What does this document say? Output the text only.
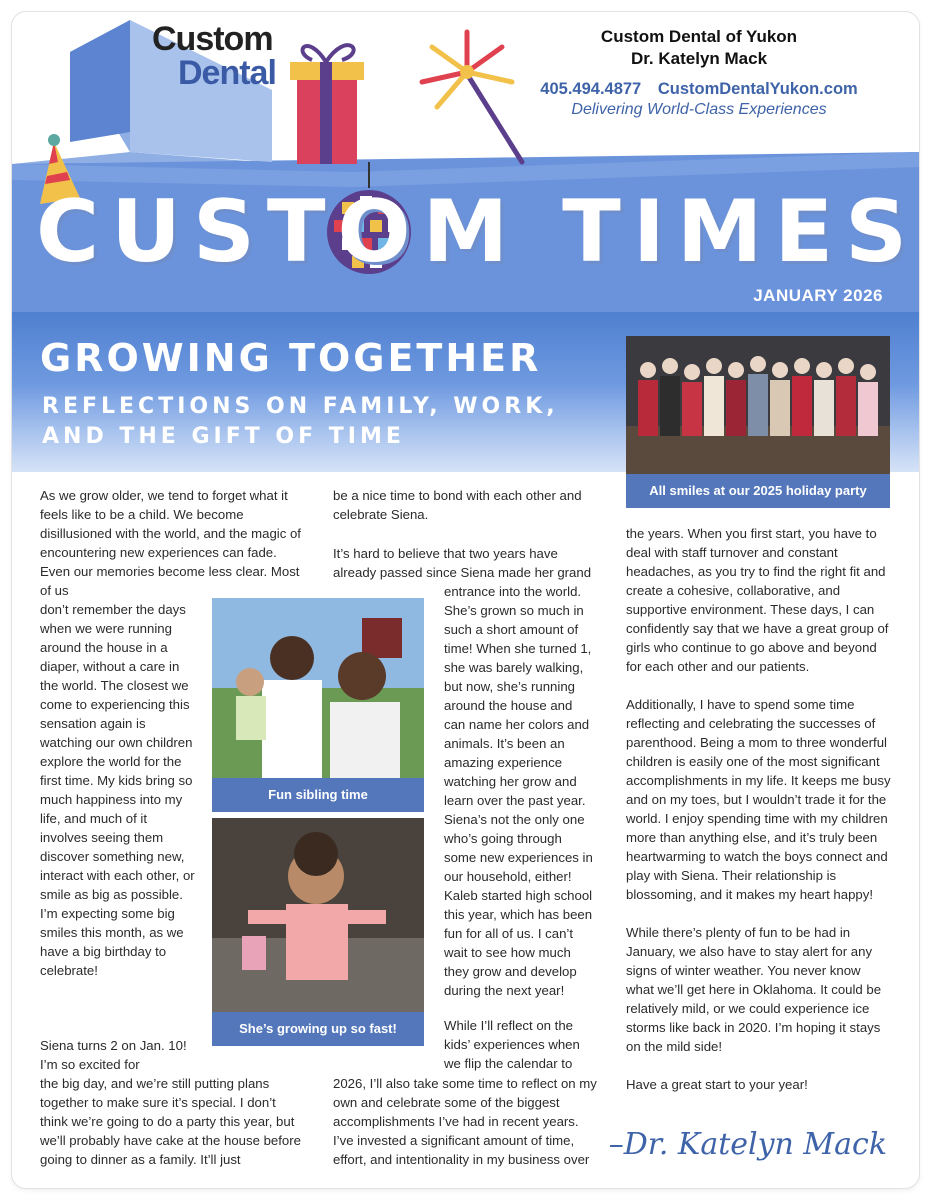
Custom
Dental
Custom Dental of Yukon
Dr. Katelyn Mack
405.494.4877 CustomDentalYukon.com
Delivering World-Class Experiences
CUSTOM TIMES
JANUARY 2026
GROWING TOGETHER
REFLECTIONS ON FAMILY, WORK, AND THE GIFT OF TIME
All smiles at our 2025 holiday party
Fun sibling time
She’s growing up so fast!
As we grow older, we tend to forget what it feels like to be a child. We become disillusioned with the world, and the magic of encountering new experiences can fade. Even our memories become less clear. Most of us
don’t remember the days when we were running around the house in a diaper, without a care in the world. The closest we come to experiencing this sensation again is watching our own children explore the world for the first time. My kids bring so much happiness into my life, and much of it involves seeing them discover something new, interact with each other, or smile as big as possible. I’m expecting some big smiles this month, as we have a big birthday to celebrate!
Siena turns 2 on Jan. 10! I’m so excited for
the big day, and we’re still putting plans together to make sure it’s special. I don’t think we’re going to do a party this year, but we’ll probably have cake at the house before going to dinner as a family. It’ll just
be a nice time to bond with each other and celebrate Siena.
It’s hard to believe that two years have already passed since Siena made her grand
entrance into the world. She’s grown so much in such a short amount of time! When she turned 1, she was barely walking, but now, she’s running around the house and can name her colors and animals. It’s been an amazing experience watching her grow and learn over the past year. Siena’s not the only one who’s going through some new experiences in our household, either! Kaleb started high school this year, which has been fun for all of us. I can’t wait to see how much they grow and develop during the next year!
While I’ll reflect on the kids’ experiences when we flip the calendar to
2026, I’ll also take some time to reflect on my own and celebrate some of the biggest accomplishments I’ve had in recent years. I’ve invested a significant amount of time, effort, and intentionality in my business over

the years. When you first start, you have to deal with staff turnover and constant headaches, as you try to find the right fit and create a cohesive, collaborative, and supportive environment. These days, I can confidently say that we have a great group of girls who continue to go above and beyond for each other and our patients.

Additionally, I have to spend some time reflecting and celebrating the successes of parenthood. Being a mom to three wonderful children is easily one of the most significant accomplishments in my life. It keeps me busy and on my toes, but I wouldn’t trade it for the world. I enjoy spending time with my children more than anything else, and it’s truly been heartwarming to watch the boys connect and play with Siena. Their relationship is blossoming, and it makes my heart happy!

While there’s plenty of fun to be had in January, we also have to stay alert for any signs of winter weather. You never know what we’ll get here in Oklahoma. It could be relatively mild, or we could experience ice storms like back in 2020. I’m hoping it stays on the mild side!

Have a great start to your year!

–Dr. Katelyn Mack
